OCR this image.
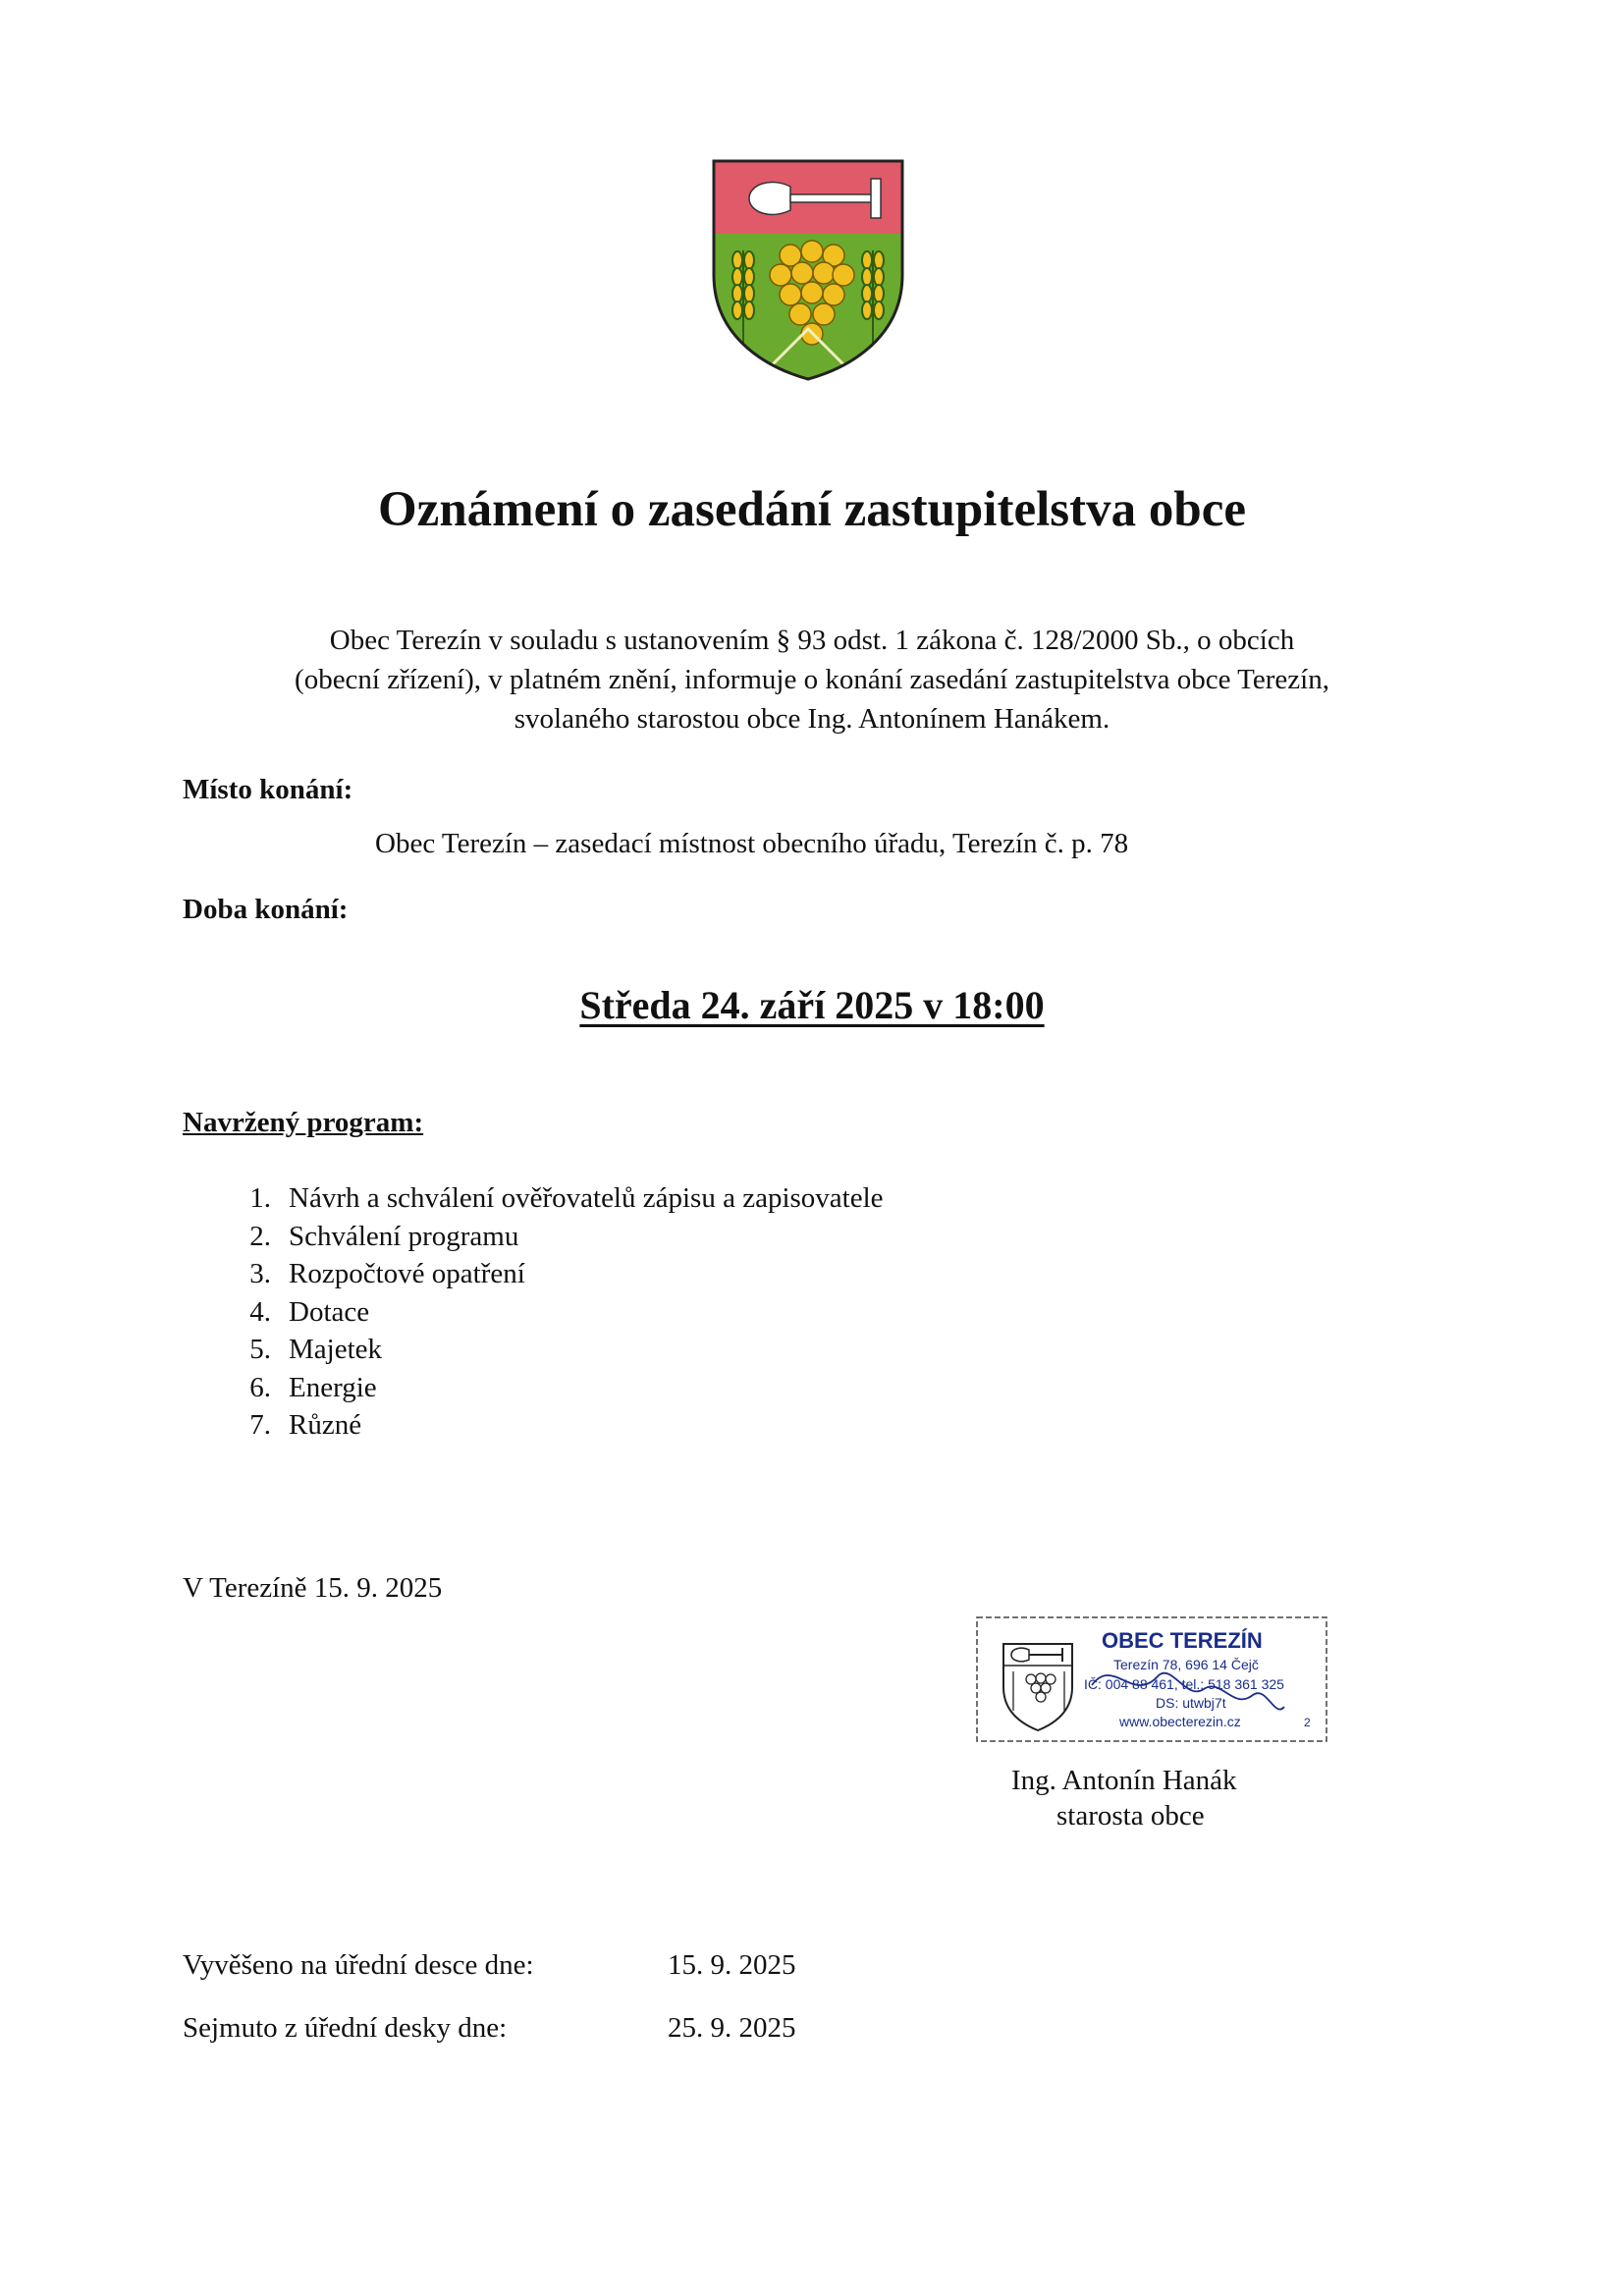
Oznámení o zasedání zastupitelstva obce
Obec Terezín v souladu s ustanovením § 93 odst. 1 zákona č. 128/2000 Sb., o obcích
(obecní zřízení), v platném znění, informuje o konání zasedání zastupitelstva obce Terezín,
svolaného starostou obce Ing. Antonínem Hanákem.
Místo konání:
Obec Terezín – zasedací místnost obecního úřadu, Terezín č. p. 78
Doba konání:
Středa 24. září 2025 v 18:00
Navržený program:
1. Návrh a schválení ověřovatelů zápisu a zapisovatele
2. Schválení programu
3. Rozpočtové opatření
4. Dotace
5. Majetek
6. Energie
7. Různé
V Terezíně 15. 9. 2025
OBEC TEREZÍN
Terezín 78, 696 14 Čejč
IČ: 004 88 461, tel.: 518 361 325
DS: utwbj7t
www.obecterezin.cz	2
Ing. Antonín Hanák
starosta obce
Vyvěšeno na úřední desce dne:	15. 9. 2025
Sejmuto z úřední desky dne:	25. 9. 2025
